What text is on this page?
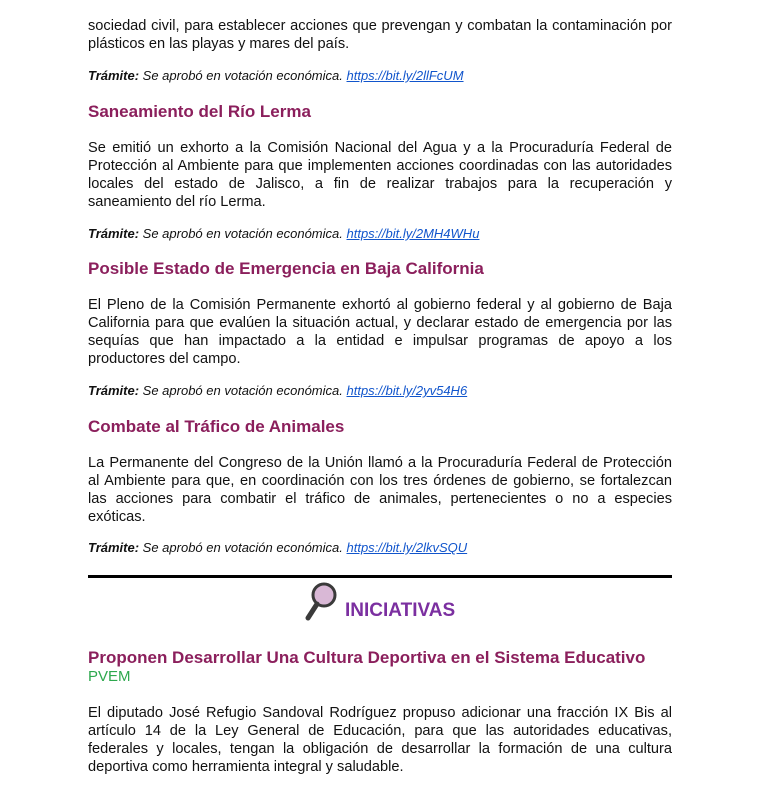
sociedad civil, para establecer acciones que prevengan y combatan la contaminación por plásticos en las playas y mares del país.

Trámite: Se aprobó en votación económica. https://bit.ly/2llFcUM

Saneamiento del Río Lerma

Se emitió un exhorto a la Comisión Nacional del Agua y a la Procuraduría Federal de Protección al Ambiente para que implementen acciones coordinadas con las autoridades locales del estado de Jalisco, a fin de realizar trabajos para la recuperación y saneamiento del río Lerma.

Trámite: Se aprobó en votación económica. https://bit.ly/2MH4WHu

Posible Estado de Emergencia en Baja California

El Pleno de la Comisión Permanente exhortó al gobierno federal y al gobierno de Baja California para que evalúen la situación actual, y declarar estado de emergencia por las sequías que han impactado a la entidad e impulsar programas de apoyo a los productores del campo.

Trámite: Se aprobó en votación económica. https://bit.ly/2yv54H6

Combate al Tráfico de Animales

La Permanente del Congreso de la Unión llamó a la Procuraduría Federal de Protección al Ambiente para que, en coordinación con los tres órdenes de gobierno, se fortalezcan las acciones para combatir el tráfico de animales, pertenecientes o no a especies exóticas.

Trámite: Se aprobó en votación económica. https://bit.ly/2lkvSQU

INICIATIVAS
Proponen Desarrollar Una Cultura Deportiva en el Sistema Educativo

PVEM

El diputado José Refugio Sandoval Rodríguez propuso adicionar una fracción IX Bis al artículo 14 de la Ley General de Educación, para que las autoridades educativas, federales y locales, tengan la obligación de desarrollar la formación de una cultura deportiva como herramienta integral y saludable.
